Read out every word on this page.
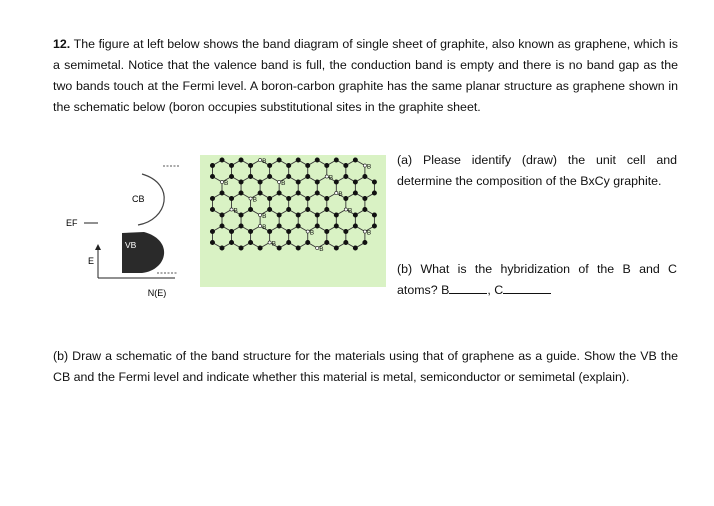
12. The figure at left below shows the band diagram of single sheet of graphite, also known as graphene, which is a semimetal. Notice that the valence band is full, the conduction band is empty and there is no band gap as the two bands touch at the Fermi level. A boron-carbon graphite has the same planar structure as graphene shown in the schematic below (boron occupies substitutional sites in the graphite sheet.
E
N(E)
CB
EF
VB
B
B
B
B
B
B
B
B
B
B
B
B	B
B
B
(a) Please identify (draw) the unit cell and determine the composition of the BxCy graphite.
(b) What is the hybridization of the B and C atoms? B	, C
(b) Draw a schematic of the band structure for the materials using that of graphene as a guide. Show the VB the CB and the Fermi level and indicate whether this material is metal, semiconductor or semimetal (explain).
